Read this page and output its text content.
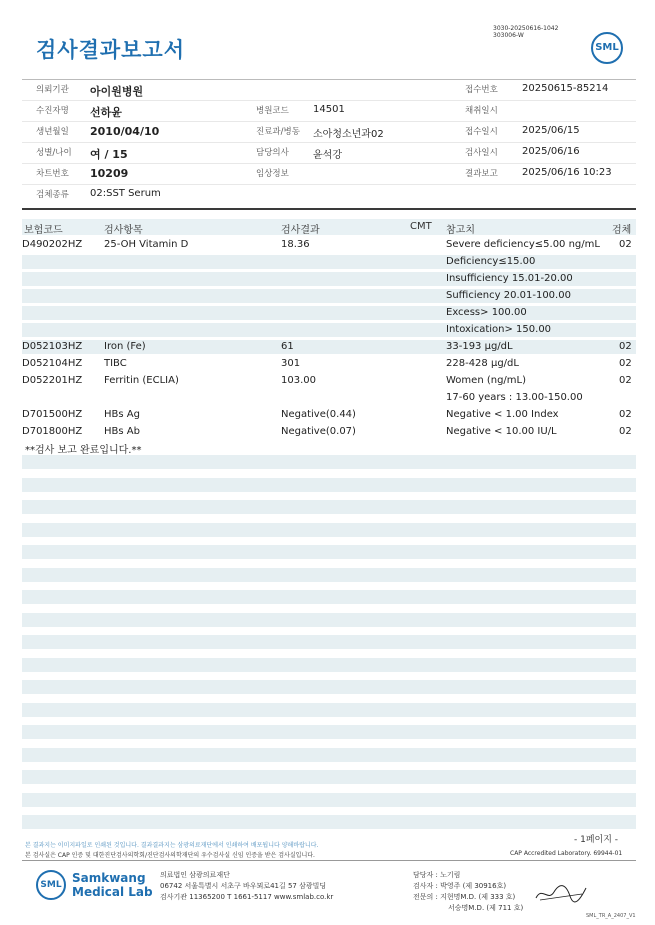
검사결과보고서
3030-20250616-1042
303006-W
SML
의뢰기관 아이원병원	접수번호 20250615-85214
수진자명 선하윤	병원코드 14501	채취일시
생년월일 2010/04/10	진료과/병동 소아청소년과02	접수일시 2025/06/15
성별/나이 여 / 15	담당의사 윤석강	검사일시 2025/06/16
차트번호 10209	임상정보	결과보고 2025/06/16 10:23
검체종류 02:SST Serum
보험코드	검사항목	검사결과	CMT 참고치	검체
D490202HZ 25-OH Vitamin D	18.36	Severe deficiency≤5.00 ng/mL 02
Deficiency≤15.00
Insufficiency 15.01-20.00
Sufficiency 20.01-100.00
Excess> 100.00
Intoxication> 150.00
D052103HZ Iron (Fe)	61	33-193 µg/dL	02
D052104HZ TIBC	301	228-428 µg/dL	02
D052201HZ Ferritin (ECLIA)	103.00	Women (ng/mL)	02
17-60 years : 13.00-150.00
D701500HZ HBs Ag	Negative(0.44)	Negative < 1.00 Index	02
D701800HZ HBs Ab	Negative(0.07)	Negative < 10.00 IU/L	02
**검사 보고 완료입니다.**
- 1페이지 -
본 결과지는 이미지파일로 인쇄된 것입니다. 결과결과지는 삼광의료재단에서 인쇄하여 배포됩니다 양해바랍니다.
본 검사실은 CAP 인증 및 대한진단검사의학회/진단검사의학재단의 우수검사실 신임 인증을 받은 검사실입니다.	CAP Accredited Laboratory. 69944-01
SML Samkwang
Medical Lab
의료법인 삼광의료재단
06742 서울특별시 서초구 바우뫼로41길 57 삼광빌딩
검사기관 11365200 T 1661-5117 www.smlab.co.kr
담당자 : 노기림
검사자 : 박영주 (제 30916호)
전문의 : 지현명M.D. (제 333 호)
서승명M.D. (제 711 호)
SML_TR_A_2407_V1
